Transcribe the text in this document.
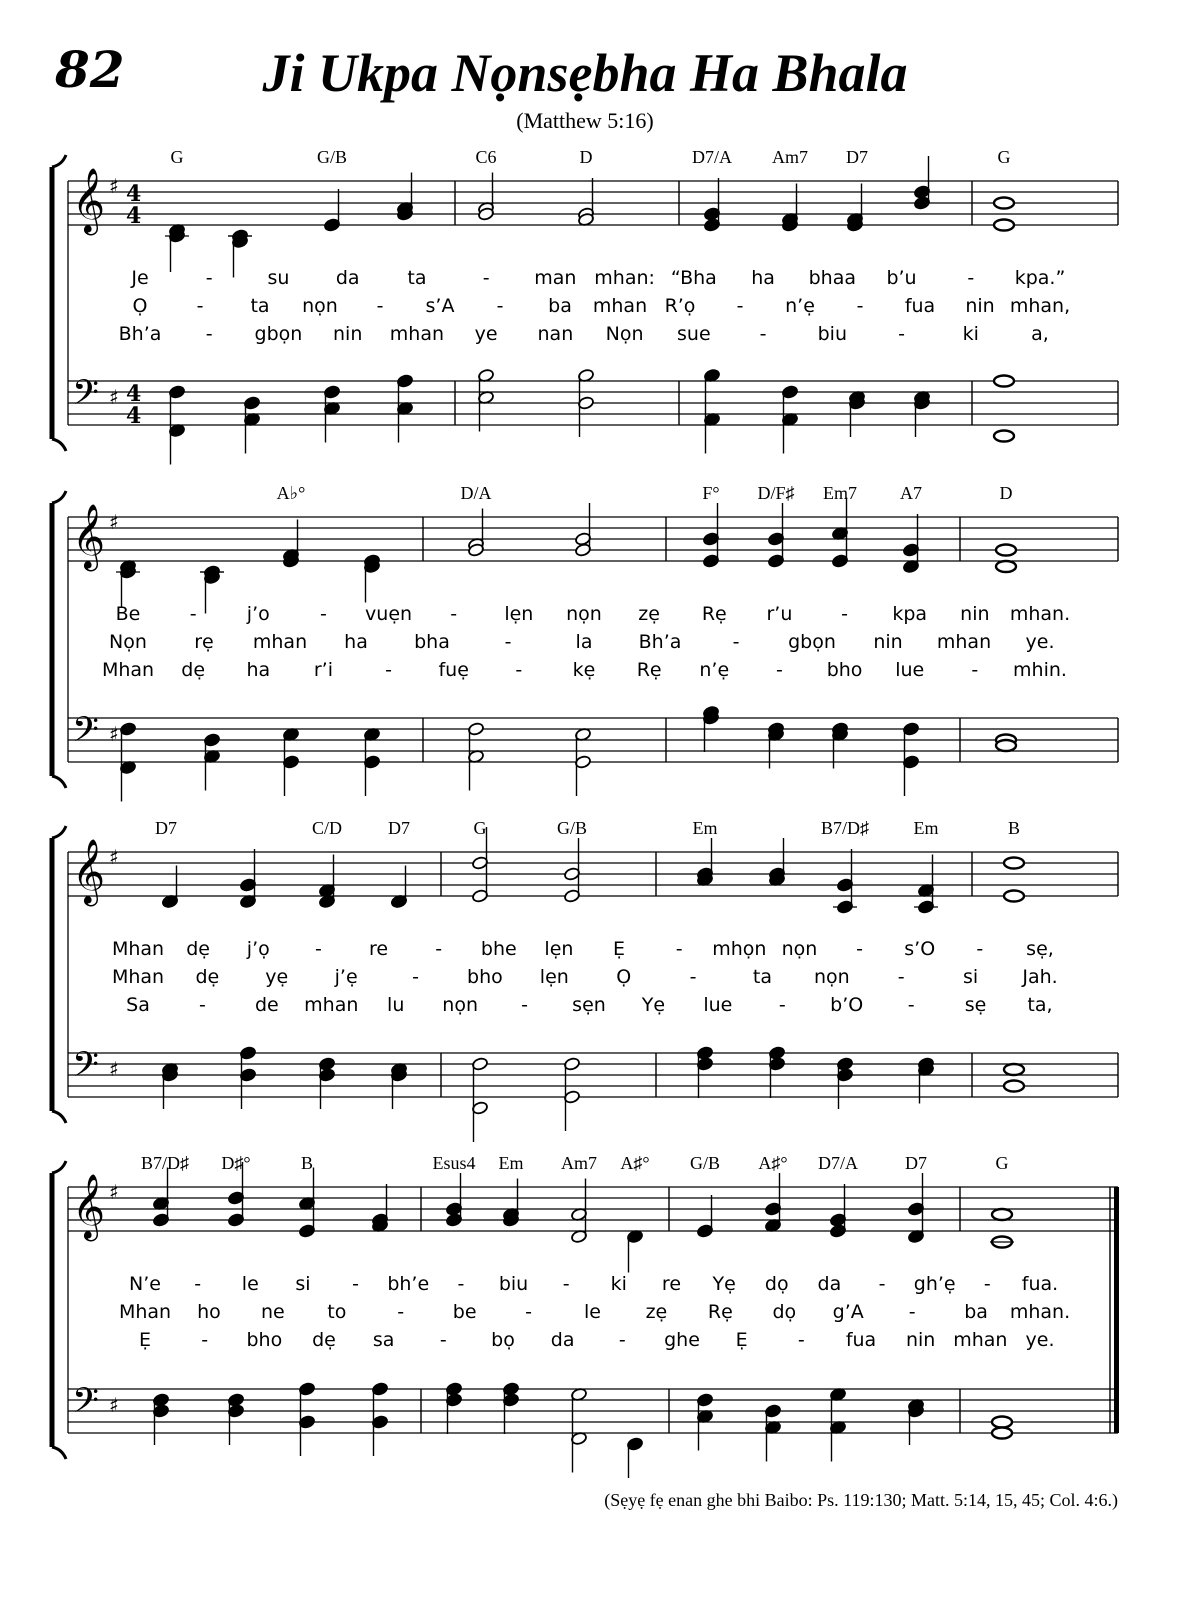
82	Ji Ukpa Nọnsẹbha Ha Bhala
(Matthew 5:16)
𝄞
𝄢
♯
♯
4
4
4
4
𝄞
𝄢
♯
♯
𝄞
𝄢
♯
♯
𝄞
𝄢
♯
♯
G	G/B	C6	D	D7/A Am7 D7	G
Je	-	su da	ta	- man mhan: “Bha ha bhaa b’u	- kpa.”
Ọ	- ta nọn - s’A - ba mhan R’ọ - n’ẹ - fua nin mhan,
Bh’a - gbọn nin mhan ye nan Nọn sue	-	biu	-	ki	a,
A♭°	D/A	F° D/F♯ Em7 A7	D
Be	-	j’o	- vuẹn - lẹn nọn zẹ Rẹ r’u	- kpa nin mhan.
Nọn rẹ mhan ha bha	-	la Bh’a	-	gbọn nin mhan ye.
Mhan dẹ ha r’i	- fuẹ -	kẹ Rẹ n’ẹ - bho lue - mhin.
D7	C/D	D7	G	G/B	Em	B7/D♯ Em	B
Mhan dẹ j’ọ - re - bhe lẹn Ẹ	- mhọn nọn - s’O - sẹ,
Mhan dẹ yẹ j’ẹ	-	bho lẹn Ọ	-	ta nọn	-	si Jah.
Sa	-	de mhan lu nọn - sẹn Yẹ lue - b’O -	sẹ ta,
B7/D♯ D♯°	B	Esus4 Em Am7 A♯° G/B A♯° D7/A	D7	G
N’e - le si - bh’e - biu - ki re Yẹ dọ da - gh’ẹ - fua.
Mhan ho ne to	-	be	-	le zẹ Rẹ dọ g’A -	ba mhan.
Ẹ	- bho dẹ sa - bọ da - ghe Ẹ	- fua nin mhan ye.
(Sẹyẹ fẹ enan ghe bhi Baibo: Ps. 119:130; Matt. 5:14, 15, 45; Col. 4:6.)
